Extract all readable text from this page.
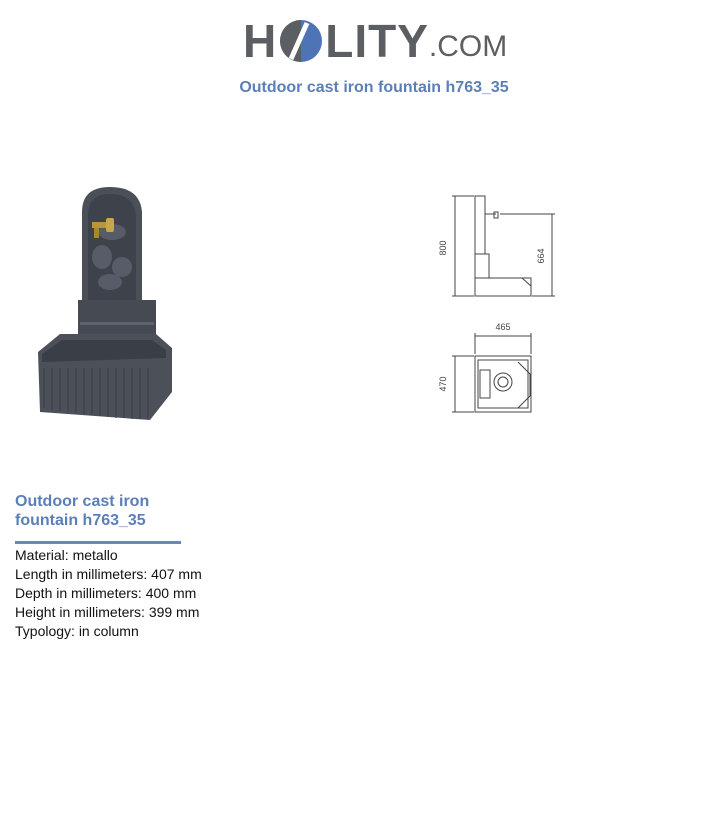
H LITY .COM
Outdoor cast iron fountain h763_35
800
664
465
470
Outdoor cast iron
fountain h763_35
Material: metallo
Length in millimeters: 407 mm
Depth in millimeters: 400 mm
Height in millimeters: 399 mm
Typology: in column
